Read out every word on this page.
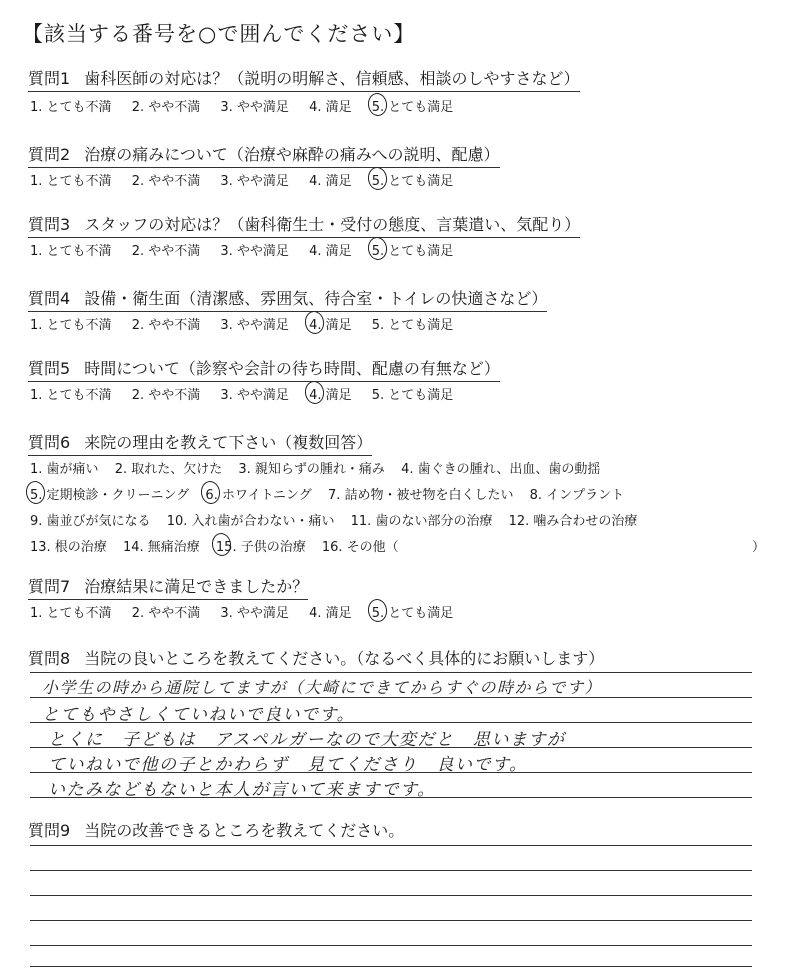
【該当する番号を○で囲んでください】
質問1 歯科医師の対応は？（説明の明解さ、信頼感、相談のしやすさなど）
1. とても不満 2. やや不満 3. やや満足 4. 満足 5. とても満足
質問2 治療の痛みについて（治療や麻酔の痛みへの説明、配慮）
1. とても不満 2. やや不満 3. やや満足 4. 満足 5. とても満足
質問3 スタッフの対応は？（歯科衛生士・受付の態度、言葉遣い、気配り）
1. とても不満 2. やや不満 3. やや満足 4. 満足 5. とても満足
質問4 設備・衛生面（清潔感、雰囲気、待合室・トイレの快適さなど）
1. とても不満 2. やや不満 3. やや満足 4. 満足 5. とても満足
質問5 時間について（診察や会計の待ち時間、配慮の有無など）
1. とても不満 2. やや不満 3. やや満足 4. 満足 5. とても満足
質問6 来院の理由を教えて下さい（複数回答）
1. 歯が痛い 2. 取れた、欠けた 3. 親知らずの腫れ・痛み 4. 歯ぐきの腫れ、出血、歯の動揺
5. 定期検診・クリーニング 6. ホワイトニング 7. 詰め物・被せ物を白くしたい 8. インプラント
9. 歯並びが気になる 10. 入れ歯が合わない・痛い 11. 歯のない部分の治療 12. 噛み合わせの治療
13. 根の治療 14. 無痛治療 15. 子供の治療 16. その他（	）
質問7 治療結果に満足できましたか？
1. とても不満 2. やや不満 3. やや満足 4. 満足 5. とても満足
質問8 当院の良いところを教えてください。（なるべく具体的にお願いします）
小学生の時から通院してますが（大崎にできてからすぐの時からです）
とてもやさしくていねいで良いです。
とくに　子どもは　アスペルガーなので大変だと　思いますが
ていねいで他の子とかわらず　見てくださり　良いです。
いたみなどもないと本人が言いて来ますです。
質問9 当院の改善できるところを教えてください。
